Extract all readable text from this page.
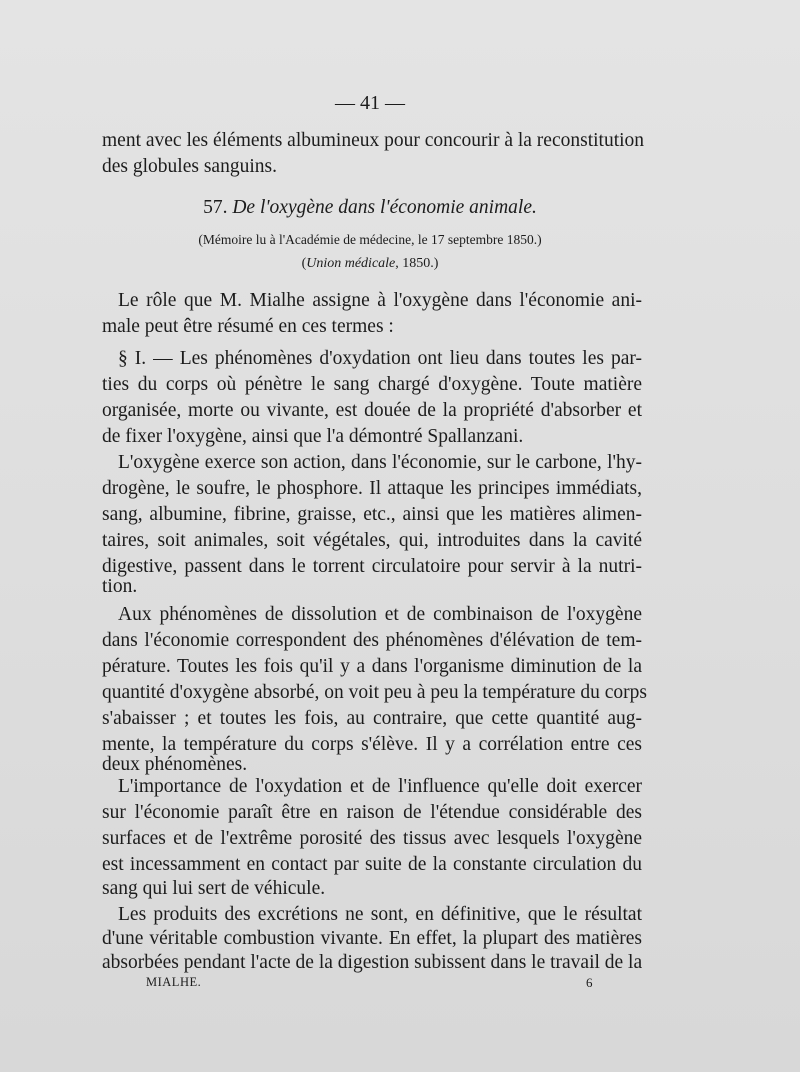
— 41 —
ment avec les éléments albumineux pour concourir à la reconstitution
des globules sanguins.
57. De l'oxygène dans l'économie animale.
(Mémoire lu à l'Académie de médecine, le 17 septembre 1850.)
(Union médicale, 1850.)
Le rôle que M. Mialhe assigne à l'oxygène dans l'économie ani-
male peut être résumé en ces termes :
§ I. — Les phénomènes d'oxydation ont lieu dans toutes les par-
ties du corps où pénètre le sang chargé d'oxygène. Toute matière
organisée, morte ou vivante, est douée de la propriété d'absorber et
de fixer l'oxygène, ainsi que l'a démontré Spallanzani.
L'oxygène exerce son action, dans l'économie, sur le carbone, l'hy-
drogène, le soufre, le phosphore. Il attaque les principes immédiats,
sang, albumine, fibrine, graisse, etc., ainsi que les matières alimen-
taires, soit animales, soit végétales, qui, introduites dans la cavité
digestive, passent dans le torrent circulatoire pour servir à la nutri-
tion.
Aux phénomènes de dissolution et de combinaison de l'oxygène
dans l'économie correspondent des phénomènes d'élévation de tem-
pérature. Toutes les fois qu'il y a dans l'organisme diminution de la
quantité d'oxygène absorbé, on voit peu à peu la température du corps
s'abaisser ; et toutes les fois, au contraire, que cette quantité aug-
mente, la température du corps s'élève. Il y a corrélation entre ces
deux phénomènes.
L'importance de l'oxydation et de l'influence qu'elle doit exercer
sur l'économie paraît être en raison de l'étendue considérable des
surfaces et de l'extrême porosité des tissus avec lesquels l'oxygène
est incessamment en contact par suite de la constante circulation du
sang qui lui sert de véhicule.
Les produits des excrétions ne sont, en définitive, que le résultat
d'une véritable combustion vivante. En effet, la plupart des matières
absorbées pendant l'acte de la digestion subissent dans le travail de la
MIALHE.	6
